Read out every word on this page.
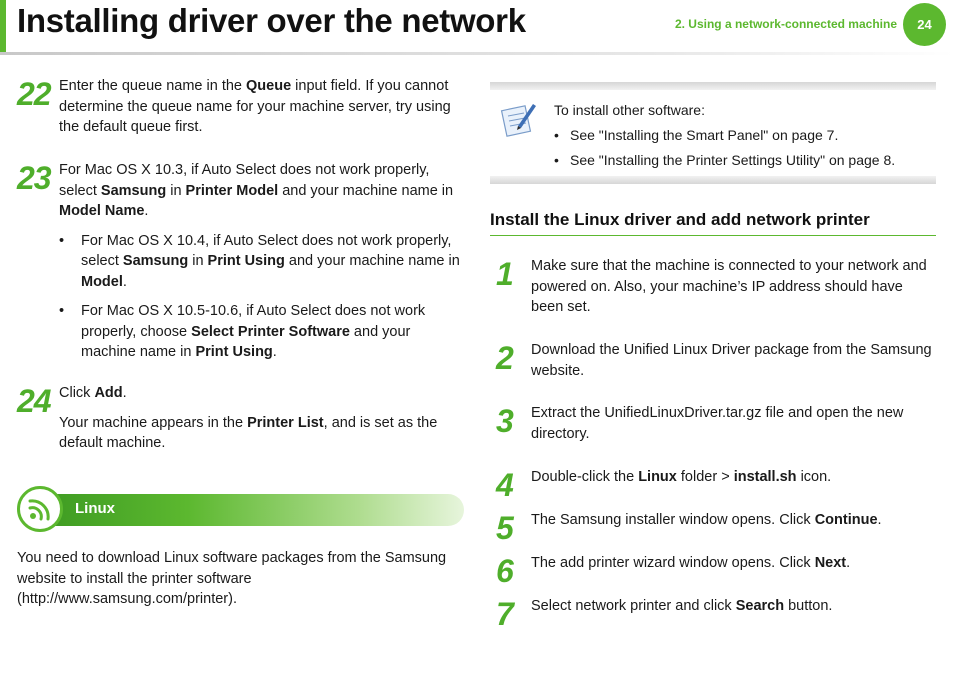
Installing driver over the network	2. Using a network-connected machine	24
22 Enter the queue name in the Queue input field. If you cannot determine the queue name for your machine server, try using the default queue first.
23 For Mac OS X 10.3, if Auto Select does not work properly, select Samsung in Printer Model and your machine name in Model Name.
• For Mac OS X 10.4, if Auto Select does not work properly, select Samsung in Print Using and your machine name in Model.
• For Mac OS X 10.5-10.6, if Auto Select does not work properly, choose Select Printer Software and your machine name in Print Using.
24 Click Add.
Your machine appears in the Printer List, and is set as the default machine.
Linux
You need to download Linux software packages from the Samsung website to install the printer software (http://www.samsung.com/printer).
To install other software:
• See "Installing the Smart Panel" on page 7.
• See "Installing the Printer Settings Utility" on page 8.
Install the Linux driver and add network printer
1 Make sure that the machine is connected to your network and powered on. Also, your machine’s IP address should have been set.
2 Download the Unified Linux Driver package from the Samsung website.
3 Extract the UnifiedLinuxDriver.tar.gz file and open the new directory.
4 Double-click the Linux folder > install.sh icon.
5 The Samsung installer window opens. Click Continue.
6 The add printer wizard window opens. Click Next.
7 Select network printer and click Search button.
